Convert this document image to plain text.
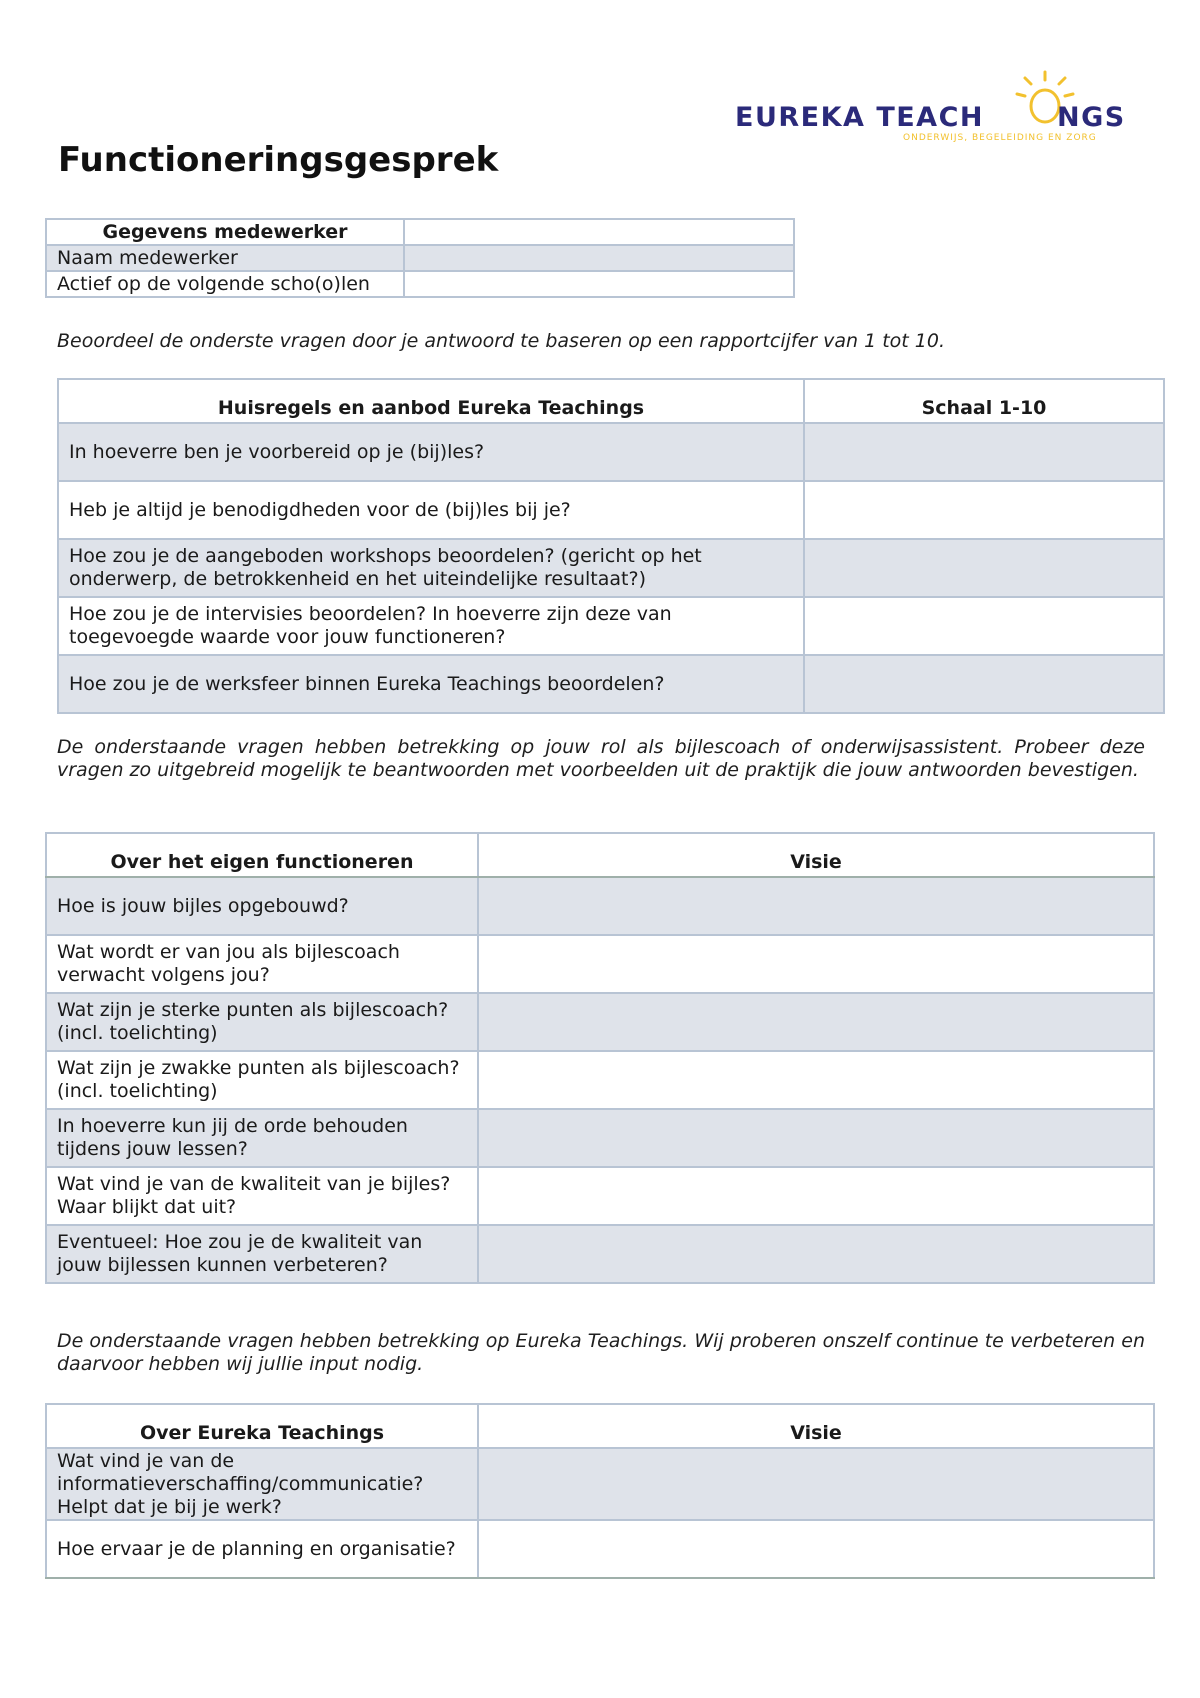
EUREKA TEACH	NGS
ONDERWIJS, BEGELEIDING EN ZORG
Functioneringsgesprek
Gegevens medewerker	
Naam medewerker	
Actief op de volgende scho(o)len	
Beoordeel de onderste vragen door je antwoord te baseren op een rapportcijfer van 1 tot 10.
Huisregels en aanbod Eureka Teachings	Schaal 1-10
In hoeverre ben je voorbereid op je (bij)les?	
Heb je altijd je benodigdheden voor de (bij)les bij je?	
Hoe zou je de aangeboden workshops beoordelen? (gericht op het onderwerp, de betrokkenheid en het uiteindelijke resultaat?)	
Hoe zou je de intervisies beoordelen? In hoeverre zijn deze van toegevoegde waarde voor jouw functioneren?	
Hoe zou je de werksfeer binnen Eureka Teachings beoordelen?	
De onderstaande vragen hebben betrekking op jouw rol als bijlescoach of onderwijsassistent. Probeer deze vragen zo uitgebreid mogelijk te beantwoorden met voorbeelden uit de praktijk die jouw antwoorden bevestigen.
Over het eigen functioneren	Visie
Hoe is jouw bijles opgebouwd?	
Wat wordt er van jou als bijlescoach verwacht volgens jou?	
Wat zijn je sterke punten als bijlescoach? (incl. toelichting)	
Wat zijn je zwakke punten als bijlescoach? (incl. toelichting)	
In hoeverre kun jij de orde behouden tijdens jouw lessen?	
Wat vind je van de kwaliteit van je bijles? Waar blijkt dat uit?	
Eventueel: Hoe zou je de kwaliteit van jouw bijlessen kunnen verbeteren?	
De onderstaande vragen hebben betrekking op Eureka Teachings. Wij proberen onszelf continue te verbeteren en daarvoor hebben wij jullie input nodig.
Over Eureka Teachings	Visie
Wat vind je van de informatieverschaffing/communicatie? Helpt dat je bij je werk?	
Hoe ervaar je de planning en organisatie?	
